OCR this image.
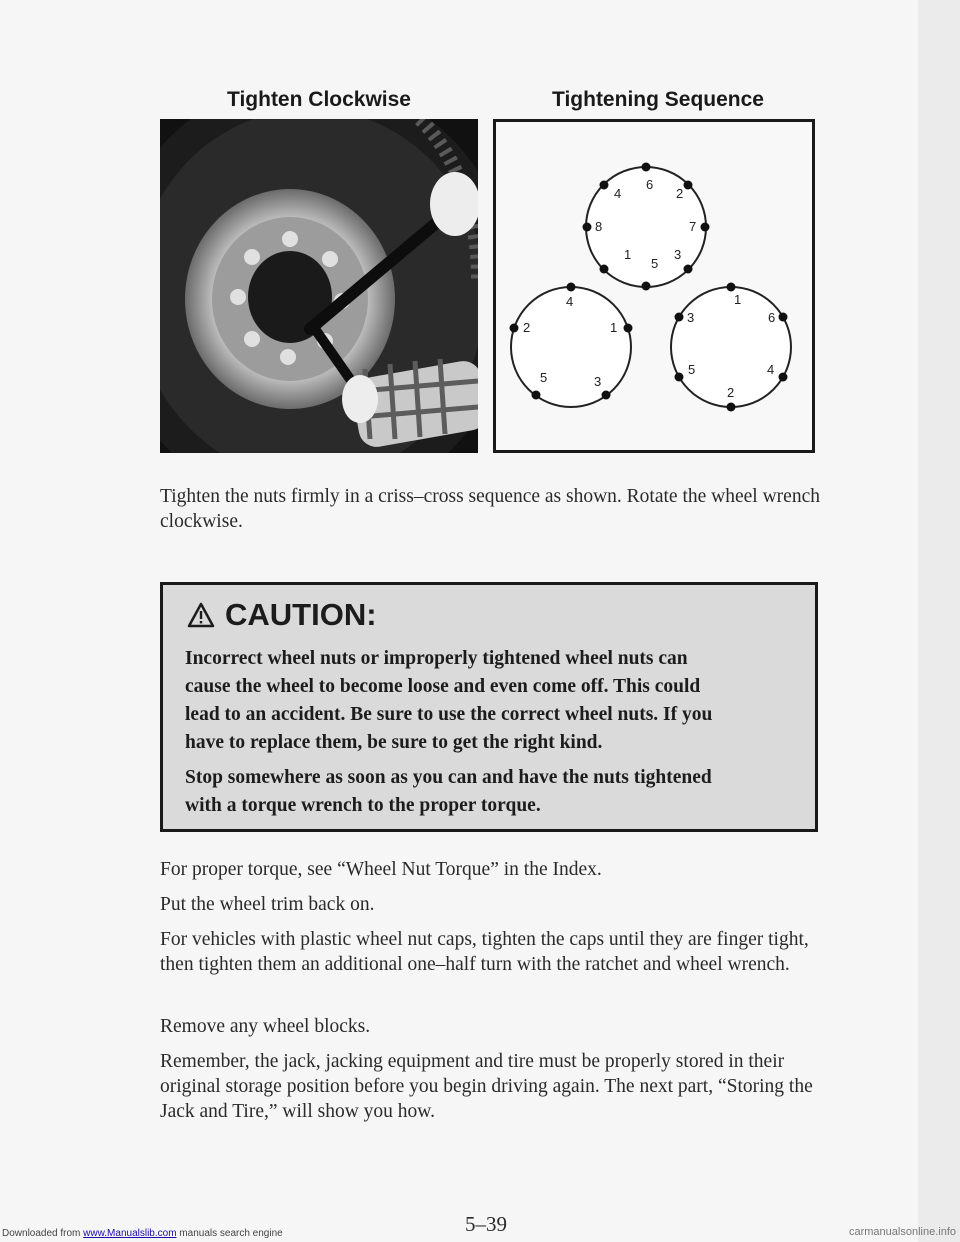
Tighten Clockwise	Tightening Sequence
1
2
3
4
5
6
7
8
1
2
3
4
5
1
2
3
4
5
6
Tighten the nuts firmly in a criss–cross sequence as shown. Rotate the wheel wrench clockwise.
CAUTION:
Incorrect wheel nuts or improperly tightened wheel nuts can
cause the wheel to become loose and even come off. This could
lead to an accident. Be sure to use the correct wheel nuts. If you
have to replace them, be sure to get the right kind.
Stop somewhere as soon as you can and have the nuts tightened
with a torque wrench to the proper torque.
For proper torque, see “Wheel Nut Torque” in the Index.
Put the wheel trim back on.
For vehicles with plastic wheel nut caps, tighten the caps until they are finger tight, then tighten them an additional one–half turn with the ratchet and wheel wrench.
Remove any wheel blocks.
Remember, the jack, jacking equipment and tire must be properly stored in their original storage position before you begin driving again. The next part, “Storing the Jack and Tire,” will show you how.
5–39
Downloaded from www.Manualslib.com manuals search engine	carmanualsonline.info
